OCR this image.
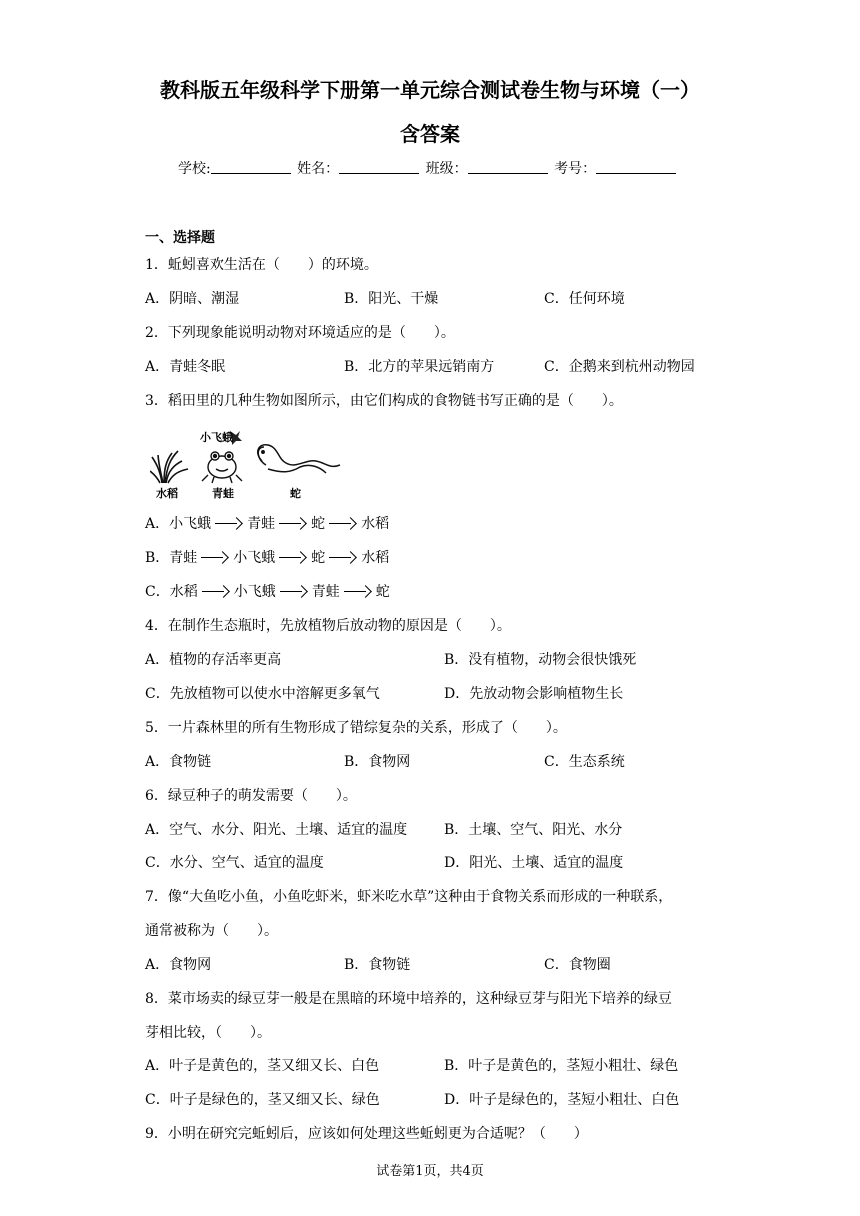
教科版五年级科学下册第一单元综合测试卷生物与环境（一）
含答案
学校:	姓名：	班级：	考号：
一、选择题
1．蚯蚓喜欢生活在（　　）的环境。
A．阴暗、潮湿	B．阳光、干燥	C．任何环境
2．下列现象能说明动物对环境适应的是（　　）。
A．青蛙冬眠	B．北方的苹果远销南方	C．企鹅来到杭州动物园
3．稻田里的几种生物如图所示，由它们构成的食物链书写正确的是（　　）。
小飞蛾
水稻	青蛙	蛇
A． 小飞蛾	青蛙	蛇	水稻
B． 青蛙	小飞蛾	蛇	水稻
C． 水稻	小飞蛾	青蛙	蛇
4．在制作生态瓶时，先放植物后放动物的原因是（　　）。
A．植物的存活率更高	B．没有植物，动物会很快饿死
C．先放植物可以使水中溶解更多氧气	D．先放动物会影响植物生长
5．一片森林里的所有生物形成了错综复杂的关系，形成了（　　）。
A．食物链	B．食物网	C．生态系统
6．绿豆种子的萌发需要（　　）。
A．空气、水分、阳光、土壤、适宜的温度	B．土壤、空气、阳光、水分
C．水分、空气、适宜的温度	D．阳光、土壤、适宜的温度
7．像“大鱼吃小鱼，小鱼吃虾米，虾米吃水草”这种由于食物关系而形成的一种联系，
通常被称为（　　）。
A．食物网	B．食物链	C．食物圈
8．菜市场卖的绿豆芽一般是在黑暗的环境中培养的，这种绿豆芽与阳光下培养的绿豆
芽相比较，（　　）。
A．叶子是黄色的，茎又细又长、白色	B．叶子是黄色的，茎短小粗壮、绿色
C．叶子是绿色的，茎又细又长、绿色	D．叶子是绿色的，茎短小粗壮、白色
9．小明在研究完蚯蚓后，应该如何处理这些蚯蚓更为合适呢？（　　）
试卷第1页，共4页
